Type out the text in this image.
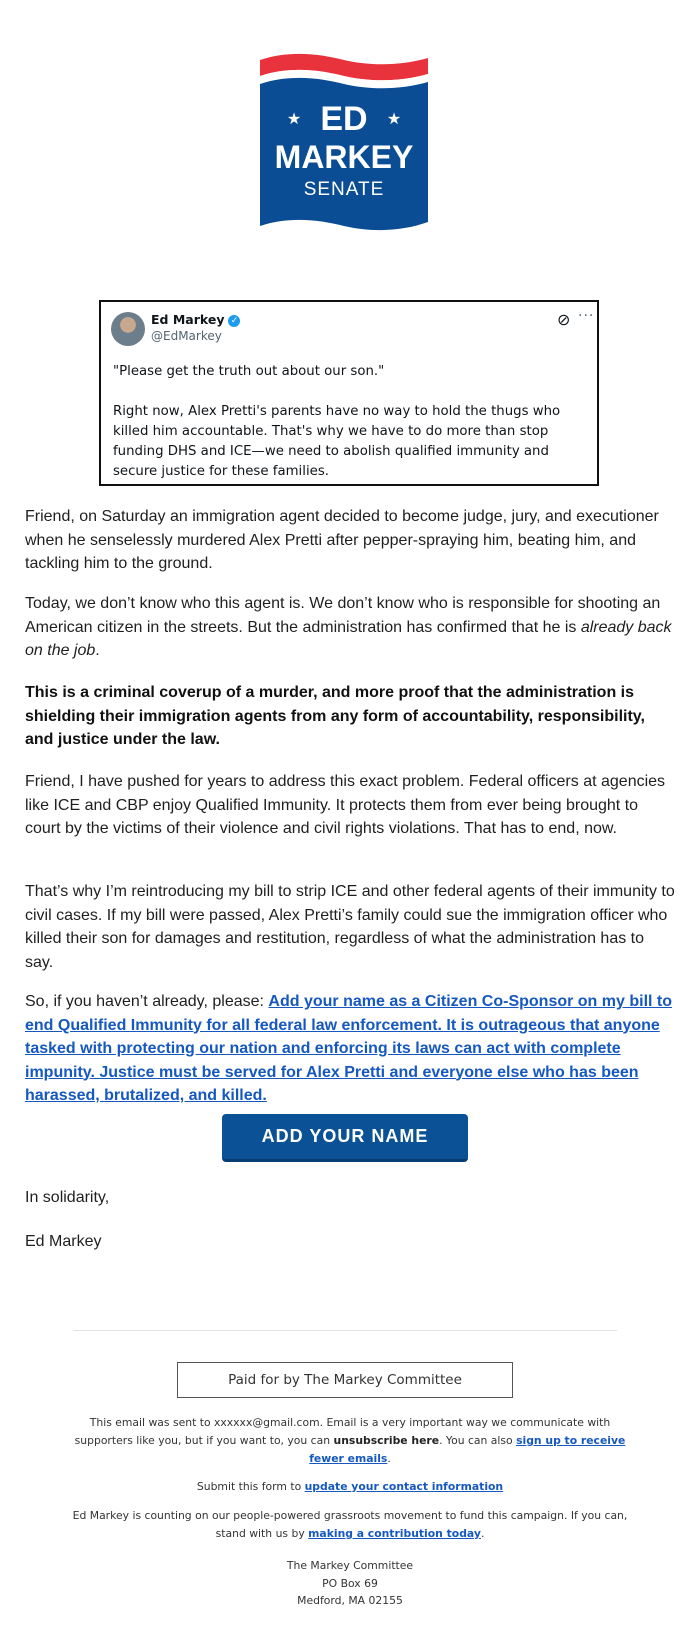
★ ED ★
MARKEY
SENATE
Ed Markey ✓
@EdMarkey
⊘ ···
"Please get the truth out about our son."
Right now, Alex Pretti's parents have no way to hold the thugs who killed him accountable. That's why we have to do more than stop funding DHS and ICE—we need to abolish qualified immunity and secure justice for these families.

Friend, on Saturday an immigration agent decided to become judge, jury, and executioner when he senselessly murdered Alex Pretti after pepper-spraying him, beating him, and tackling him to the ground.

Today, we don’t know who this agent is. We don’t know who is responsible for shooting an American citizen in the streets. But the administration has confirmed that he is already back on the job.

This is a criminal coverup of a murder, and more proof that the administration is shielding their immigration agents from any form of accountability, responsibility, and justice under the law.

Friend, I have pushed for years to address this exact problem. Federal officers at agencies like ICE and CBP enjoy Qualified Immunity. It protects them from ever being brought to court by the victims of their violence and civil rights violations. That has to end, now.

That’s why I’m reintroducing my bill to strip ICE and other federal agents of their immunity to civil cases. If my bill were passed, Alex Pretti’s family could sue the immigration officer who killed their son for damages and restitution, regardless of what the administration has to say.

So, if you haven’t already, please: Add your name as a Citizen Co-Sponsor on my bill to end Qualified Immunity for all federal law enforcement. It is outrageous that anyone tasked with protecting our nation and enforcing its laws can act with complete impunity. Justice must be served for Alex Pretti and everyone else who has been harassed, brutalized, and killed.

ADD YOUR NAME

In solidarity,

Ed Markey

Paid for by The Markey Committee

This email was sent to xxxxxx@gmail.com. Email is a very important way we communicate with supporters like you, but if you want to, you can unsubscribe here. You can also sign up to receive fewer emails.

Submit this form to update your contact information

Ed Markey is counting on our people-powered grassroots movement to fund this campaign. If you can, stand with us by making a contribution today.

The Markey Committee
PO Box 69
Medford, MA 02155
